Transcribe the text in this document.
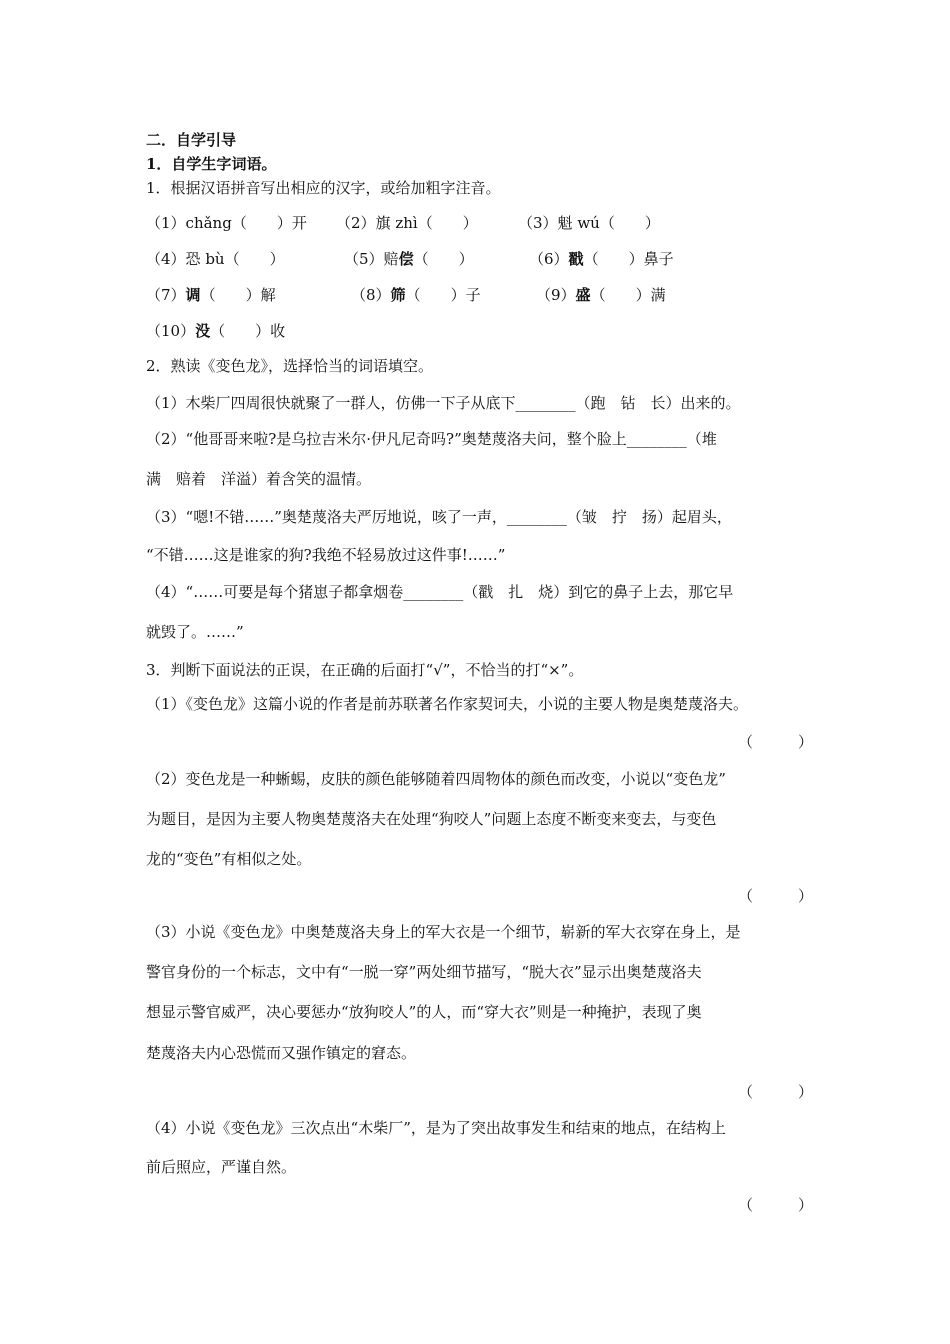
二．自学引导
1．自学生字词语。
1．根据汉语拼音写出相应的汉字，或给加粗字注音。
（1）chǎng（　　）开 （2）旗 zhì（　　）	（3）魁 wú（　　）
（4）恐 bù（　　）	（5）赔偿（　　）	（6）戳（　　）鼻子
（7）调（　　）解	（8）筛（　　）子	（9）盛（　　）满
（10）没（　　）收
2．熟读《变色龙》，选择恰当的词语填空。
（1）木柴厂四周很快就聚了一群人，仿佛一下子从底下________（跑　钻　长）出来的。
（2）“他哥哥来啦?是乌拉吉米尔·伊凡尼奇吗?”奥楚蔑洛夫问，整个脸上________（堆
满　赔着　洋溢）着含笑的温情。
（3）“嗯!不错……”奥楚蔑洛夫严厉地说，咳了一声，________（皱　拧　扬）起眉头，
“不错……这是谁家的狗?我绝不轻易放过这件事!……”
（4）“……可要是每个猪崽子都拿烟卷________（戳　扎　烧）到它的鼻子上去，那它早
就毁了。……”
3．判断下面说法的正误，在正确的后面打“√”，不恰当的打“×”。
（1）《变色龙》这篇小说的作者是前苏联著名作家契诃夫，小说的主要人物是奥楚蔑洛夫。
（　　　）
（2）变色龙是一种蜥蜴，皮肤的颜色能够随着四周物体的颜色而改变，小说以“变色龙”
为题目，是因为主要人物奥楚蔑洛夫在处理“狗咬人”问题上态度不断变来变去，与变色
龙的“变色”有相似之处。
（　　　）
（3）小说《变色龙》中奥楚蔑洛夫身上的军大衣是一个细节，崭新的军大衣穿在身上，是
警官身份的一个标志，文中有“一脱一穿”两处细节描写，“脱大衣”显示出奥楚蔑洛夫
想显示警官威严，决心要惩办“放狗咬人”的人，而“穿大衣”则是一种掩护，表现了奥
楚蔑洛夫内心恐慌而又强作镇定的窘态。
（　　　）
（4）小说《变色龙》三次点出“木柴厂”，是为了突出故事发生和结束的地点，在结构上
前后照应，严谨自然。
（　　　）
